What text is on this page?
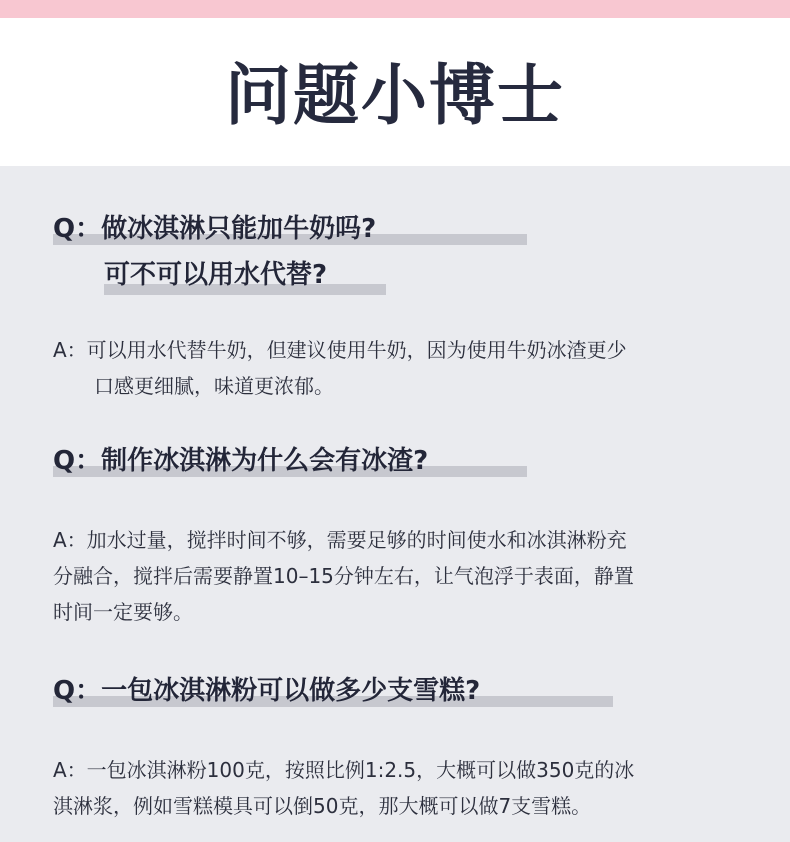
问题小博士
Q：做冰淇淋只能加牛奶吗?
可不可以用水代替?
A：可以用水代替牛奶，但建议使用牛奶，因为使用牛奶冰渣更少
口感更细腻，味道更浓郁。
Q：制作冰淇淋为什么会有冰渣?
A：加水过量，搅拌时间不够，需要足够的时间使水和冰淇淋粉充
分融合，搅拌后需要静置10–15分钟左右，让气泡浮于表面，静置
时间一定要够。
Q：一包冰淇淋粉可以做多少支雪糕?
A：一包冰淇淋粉100克，按照比例1:2.5，大概可以做350克的冰
淇淋浆，例如雪糕模具可以倒50克，那大概可以做7支雪糕。
